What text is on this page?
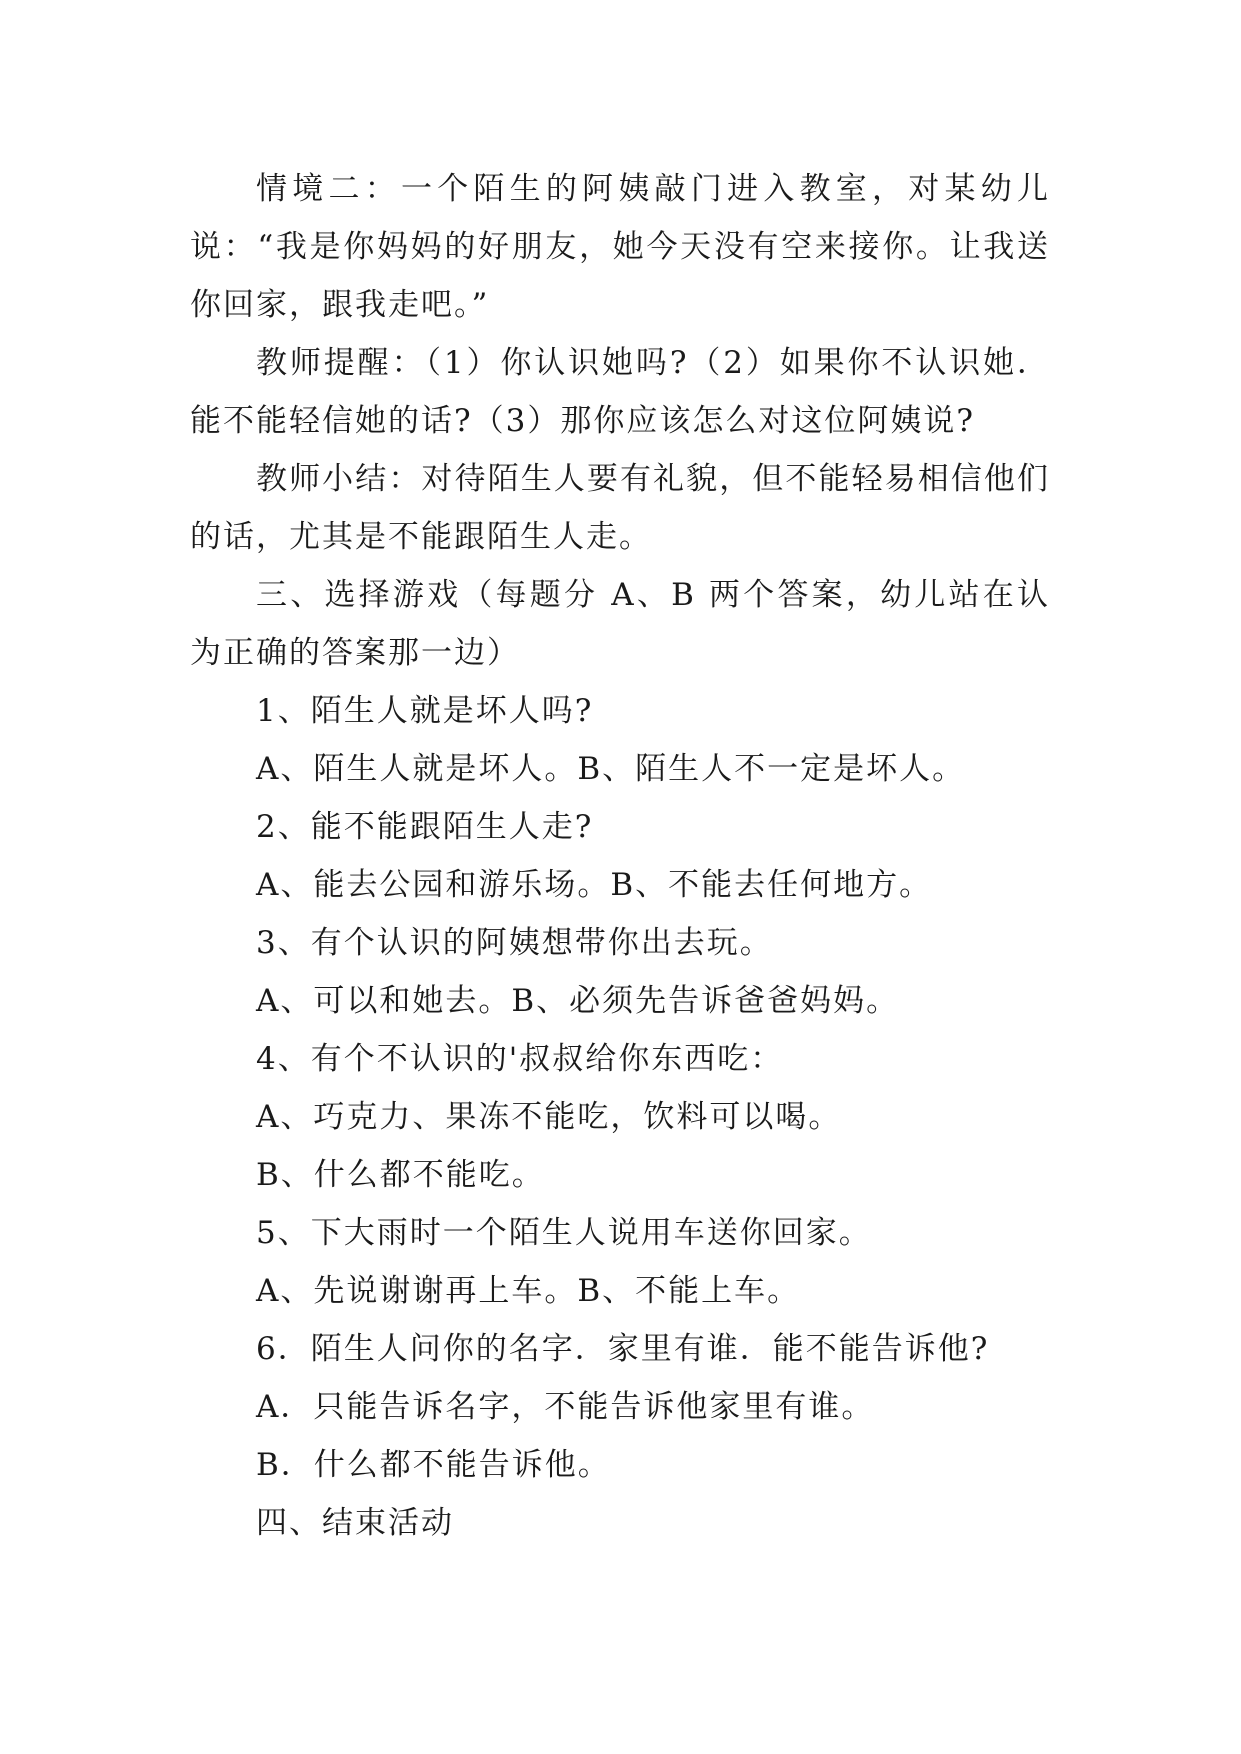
情境二：一个陌生的阿姨敲门进入教室，对某幼儿说：“我是你妈妈的好朋友，她今天没有空来接你。让我送你回家，跟我走吧。”

教师提醒：（1）你认识她吗?（2）如果你不认识她．能不能轻信她的话?（3）那你应该怎么对这位阿姨说?

教师小结：对待陌生人要有礼貌，但不能轻易相信他们的话，尤其是不能跟陌生人走。

三、选择游戏（每题分 A、B 两个答案，幼儿站在认为正确的答案那一边）

1、陌生人就是坏人吗?

A、陌生人就是坏人。B、陌生人不一定是坏人。

2、能不能跟陌生人走?

A、能去公园和游乐场。B、不能去任何地方。

3、有个认识的阿姨想带你出去玩。

A、可以和她去。B、必须先告诉爸爸妈妈。

4、有个不认识的'叔叔给你东西吃：

A、巧克力、果冻不能吃，饮料可以喝。

B、什么都不能吃。

5、下大雨时一个陌生人说用车送你回家。

A、先说谢谢再上车。B、不能上车。

6．陌生人问你的名字．家里有谁．能不能告诉他?

A．只能告诉名字，不能告诉他家里有谁。

B．什么都不能告诉他。

四、结束活动
